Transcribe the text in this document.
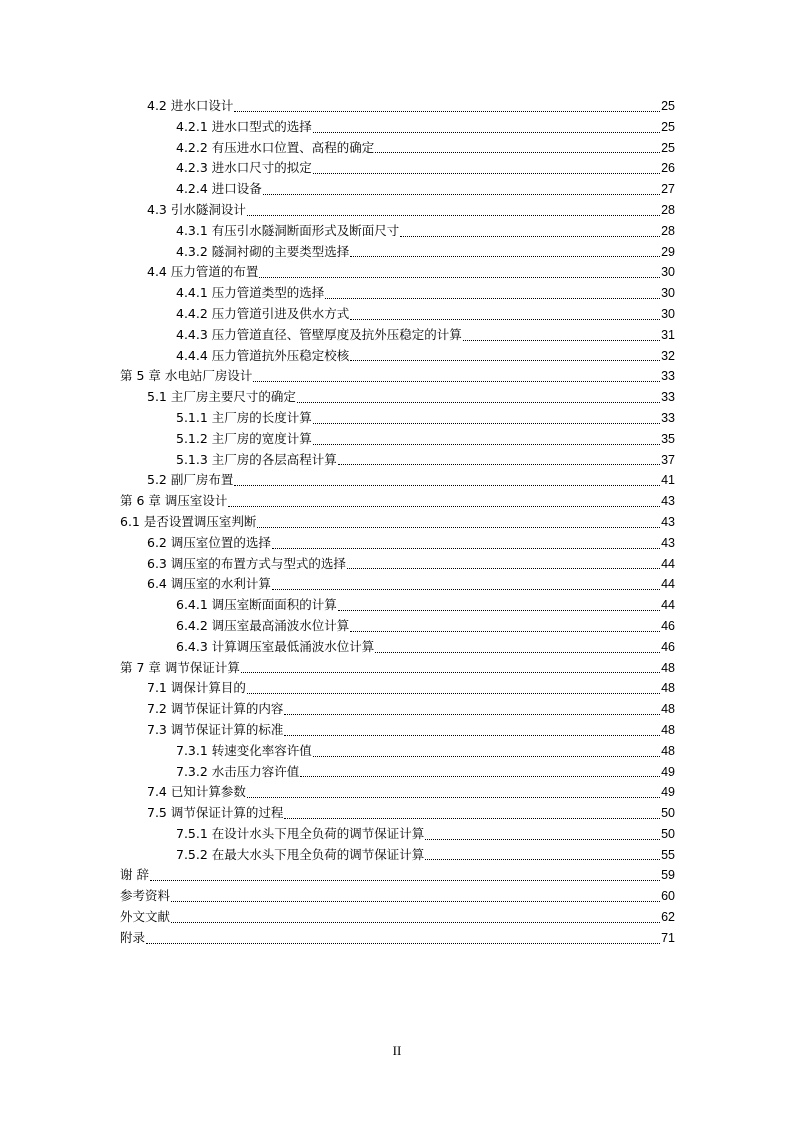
4.2 进水口设计	25
4.2.1 进水口型式的选择	25
4.2.2 有压进水口位置、高程的确定	25
4.2.3 进水口尺寸的拟定	26
4.2.4 进口设备	27
4.3 引水隧洞设计	28
4.3.1 有压引水隧洞断面形式及断面尺寸	28
4.3.2 隧洞衬砌的主要类型选择	29
4.4 压力管道的布置	30
4.4.1 压力管道类型的选择	30
4.4.2 压力管道引进及供水方式	30
4.4.3 压力管道直径、管壁厚度及抗外压稳定的计算	31
4.4.4 压力管道抗外压稳定校核	32
第 5 章 水电站厂房设计	33
5.1 主厂房主要尺寸的确定	33
5.1.1 主厂房的长度计算	33
5.1.2 主厂房的宽度计算	35
5.1.3 主厂房的各层高程计算	37
5.2 副厂房布置	41
第 6 章 调压室设计	43
6.1 是否设置调压室判断	43
6.2 调压室位置的选择	43
6.3 调压室的布置方式与型式的选择	44
6.4 调压室的水利计算	44
6.4.1 调压室断面面积的计算	44
6.4.2 调压室最高涌波水位计算	46
6.4.3 计算调压室最低涌波水位计算	46
第 7 章 调节保证计算	48
7.1 调保计算目的	48
7.2 调节保证计算的内容	48
7.3 调节保证计算的标准	48
7.3.1 转速变化率容许值	48
7.3.2 水击压力容许值	49
7.4 已知计算参数	49
7.5 调节保证计算的过程	50
7.5.1 在设计水头下甩全负荷的调节保证计算	50
7.5.2 在最大水头下甩全负荷的调节保证计算	55
谢 辞	59
参考资料	60
外文文献	62
附录	71
II
